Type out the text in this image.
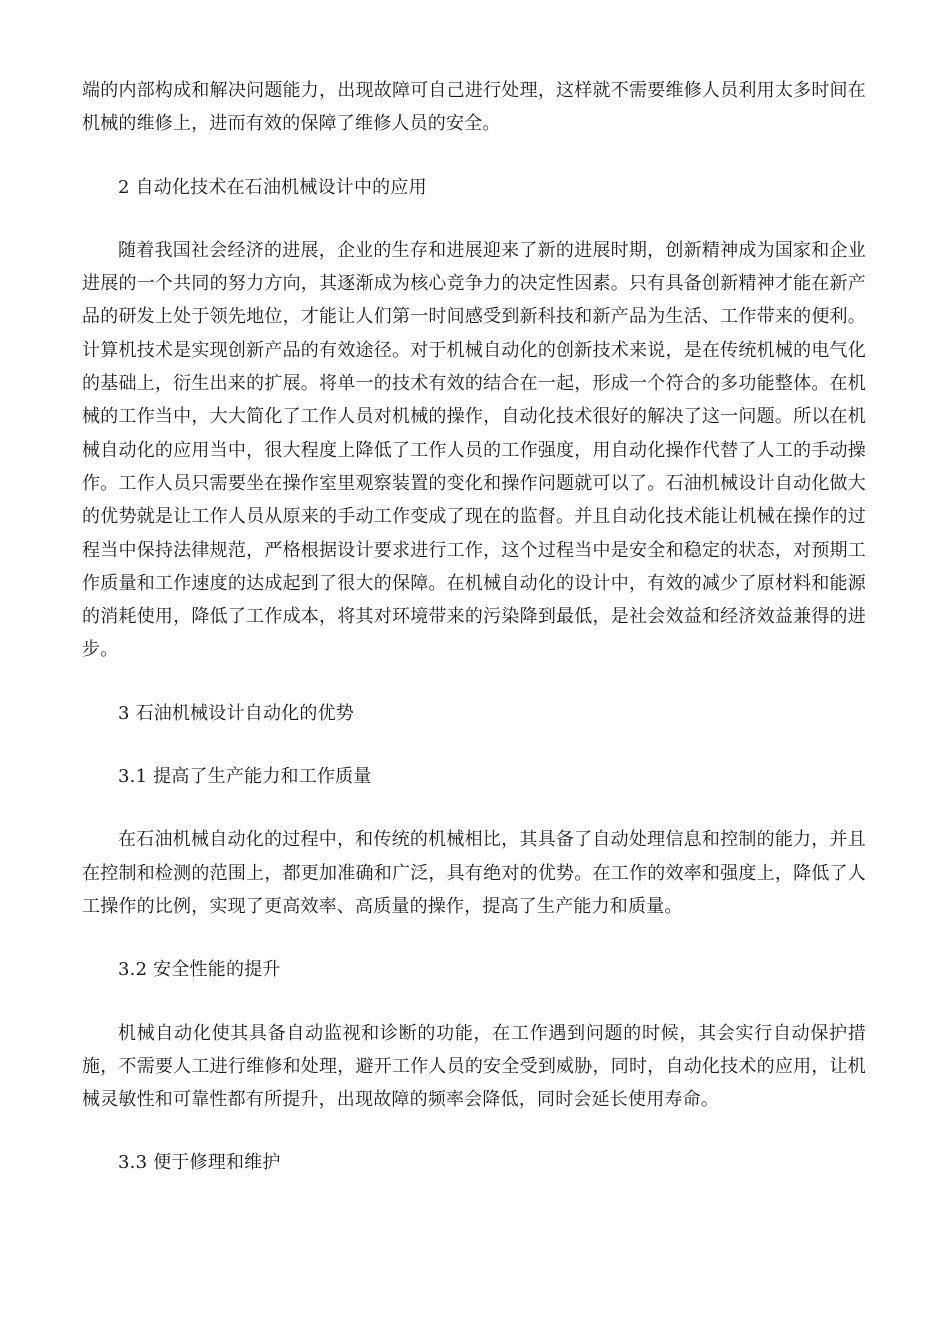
端的内部构成和解决问题能力，出现故障可自己进行处理，这样就不需要维修人员利用太多时间在机械的维修上，进而有效的保障了维修人员的安全。

2 自动化技术在石油机械设计中的应用

随着我国社会经济的进展，企业的生存和进展迎来了新的进展时期，创新精神成为国家和企业进展的一个共同的努力方向，其逐渐成为核心竞争力的决定性因素。只有具备创新精神才能在新产品的研发上处于领先地位，才能让人们第一时间感受到新科技和新产品为生活、工作带来的便利。计算机技术是实现创新产品的有效途径。对于机械自动化的创新技术来说，是在传统机械的电气化的基础上，衍生出来的扩展。将单一的技术有效的结合在一起，形成一个符合的多功能整体。在机械的工作当中，大大简化了工作人员对机械的操作，自动化技术很好的解决了这一问题。所以在机械自动化的应用当中，很大程度上降低了工作人员的工作强度，用自动化操作代替了人工的手动操作。工作人员只需要坐在操作室里观察装置的变化和操作问题就可以了。石油机械设计自动化做大的优势就是让工作人员从原来的手动工作变成了现在的监督。并且自动化技术能让机械在操作的过程当中保持法律规范，严格根据设计要求进行工作，这个过程当中是安全和稳定的状态，对预期工作质量和工作速度的达成起到了很大的保障。在机械自动化的设计中，有效的减少了原材料和能源的消耗使用，降低了工作成本，将其对环境带来的污染降到最低，是社会效益和经济效益兼得的进步。

3 石油机械设计自动化的优势

3.1 提高了生产能力和工作质量

在石油机械自动化的过程中，和传统的机械相比，其具备了自动处理信息和控制的能力，并且在控制和检测的范围上，都更加准确和广泛，具有绝对的优势。在工作的效率和强度上，降低了人工操作的比例，实现了更高效率、高质量的操作，提高了生产能力和质量。

3.2 安全性能的提升

机械自动化使其具备自动监视和诊断的功能，在工作遇到问题的时候，其会实行自动保护措施，不需要人工进行维修和处理，避开工作人员的安全受到威胁，同时，自动化技术的应用，让机械灵敏性和可靠性都有所提升，出现故障的频率会降低，同时会延长使用寿命。

3.3 便于修理和维护
